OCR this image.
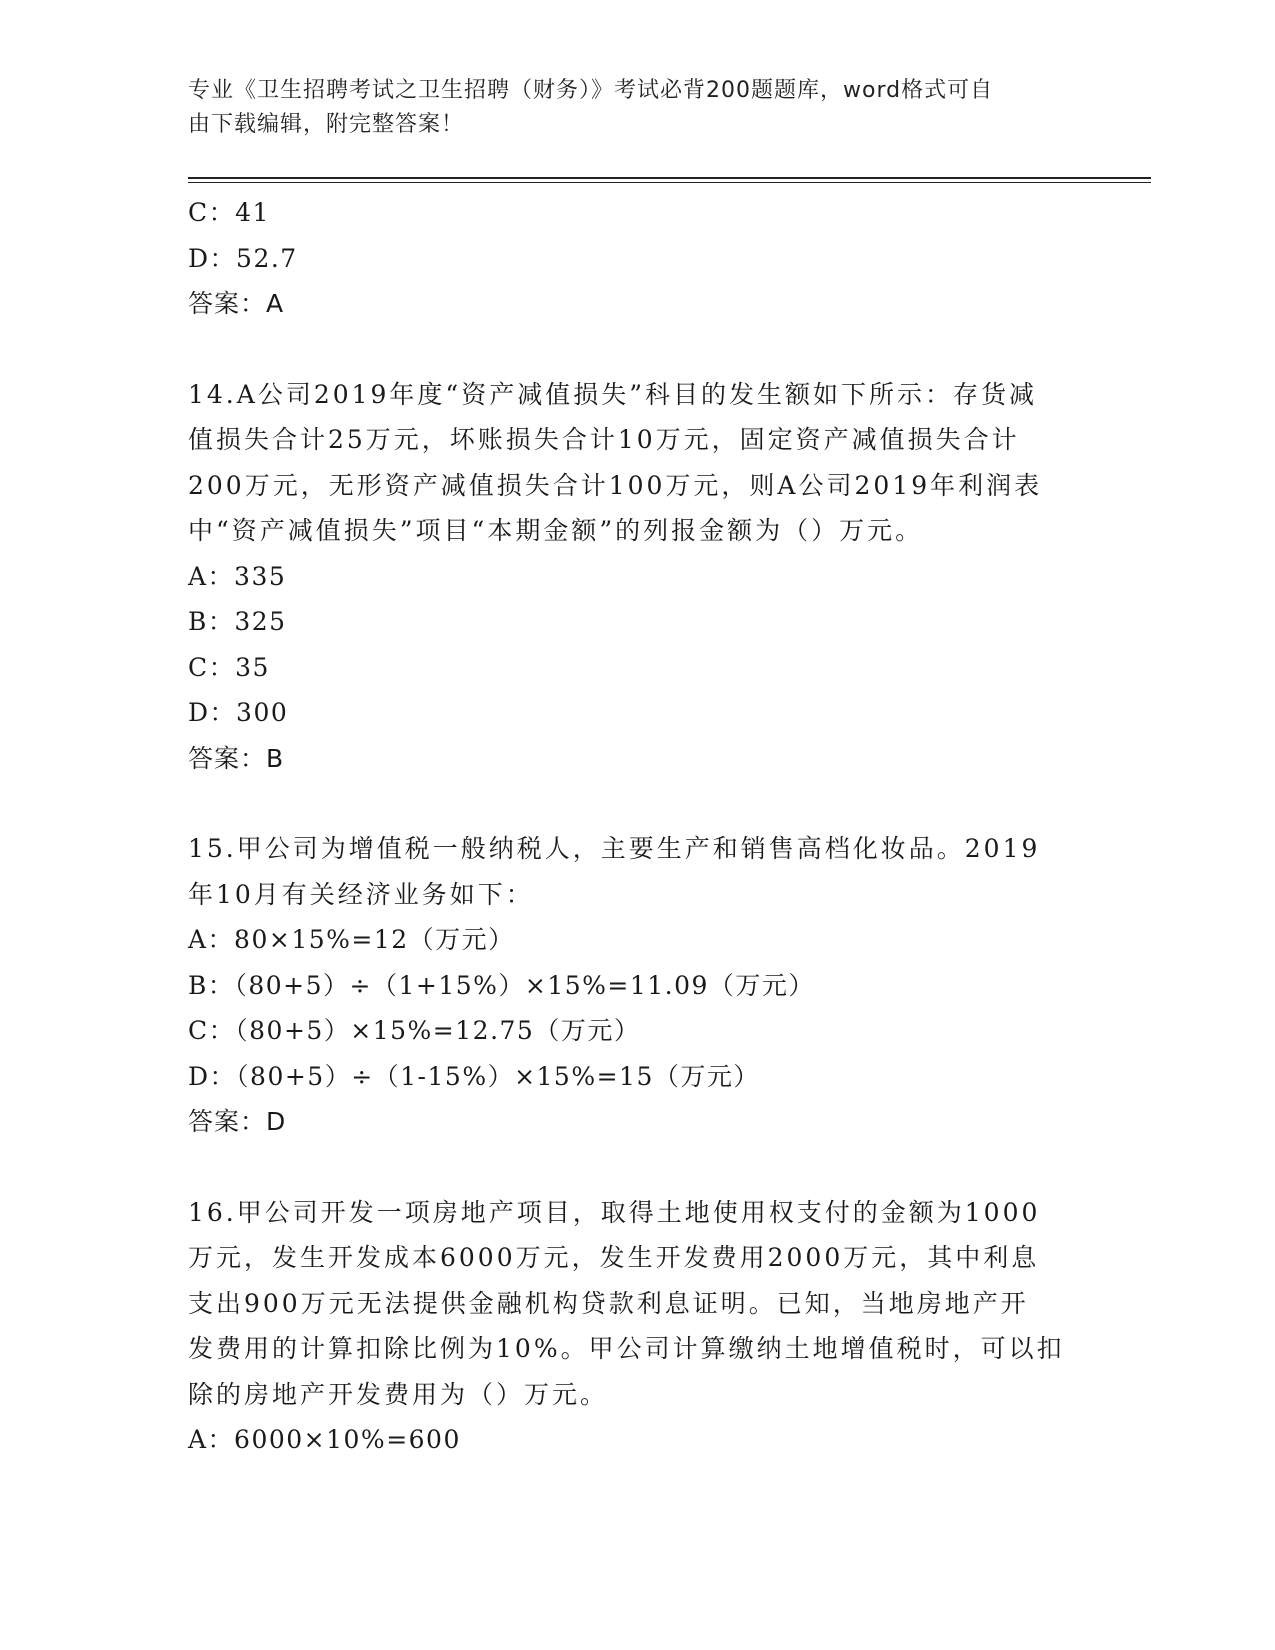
专业《卫生招聘考试之卫生招聘（财务）》考试必背200题题库，word格式可自
由下载编辑，附完整答案！
C：41
D：52.7
答案：A
14.A公司2019年度“资产减值损失”科目的发生额如下所示：存货减
值损失合计25万元，坏账损失合计10万元，固定资产减值损失合计
200万元，无形资产减值损失合计100万元，则A公司2019年利润表
中“资产减值损失”项目“本期金额”的列报金额为（）万元。
A：335
B：325
C：35
D：300
答案：B
15.甲公司为增值税一般纳税人，主要生产和销售高档化妆品。2019
年10月有关经济业务如下：
A：80×15%=12（万元）
B：（80+5）÷（1+15%）×15%=11.09（万元）
C：（80+5）×15%=12.75（万元）
D：（80+5）÷（1-15%）×15%=15（万元）
答案：D
16.甲公司开发一项房地产项目，取得土地使用权支付的金额为1000
万元，发生开发成本6000万元，发生开发费用2000万元，其中利息
支出900万元无法提供金融机构贷款利息证明。已知，当地房地产开
发费用的计算扣除比例为10%。甲公司计算缴纳土地增值税时，可以扣
除的房地产开发费用为（）万元。
A：6000×10%=600
